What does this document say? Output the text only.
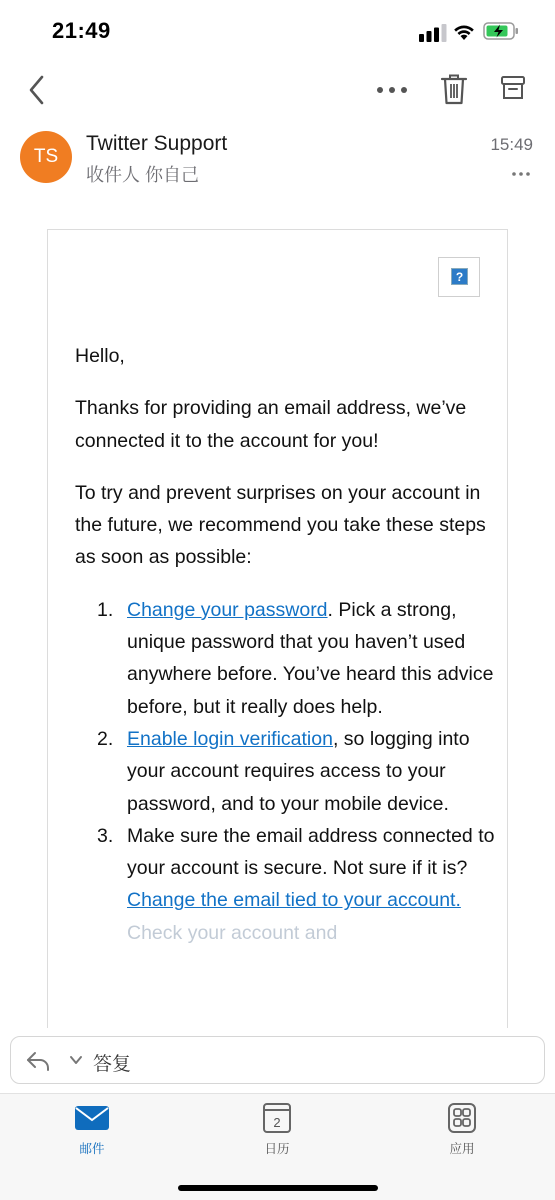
21:49
TS
Twitter Support
收件人 你自己
15:49
?

Hello,

Thanks for providing an email address, we’ve connected it to the account for you!

To try and prevent surprises on your account in the future, we recommend you take these steps as soon as possible:

1. Change your password. Pick a strong, unique password that you haven’t used anywhere before. You’ve heard this advice before, but it really does help.
2. Enable login verification, so logging into your account requires access to your password, and to your mobile device.
3. Make sure the email address connected to your account is secure. Not sure if it is? Change the email tied to your account.
Check your account and
答复
邮件
2
日历	应用
